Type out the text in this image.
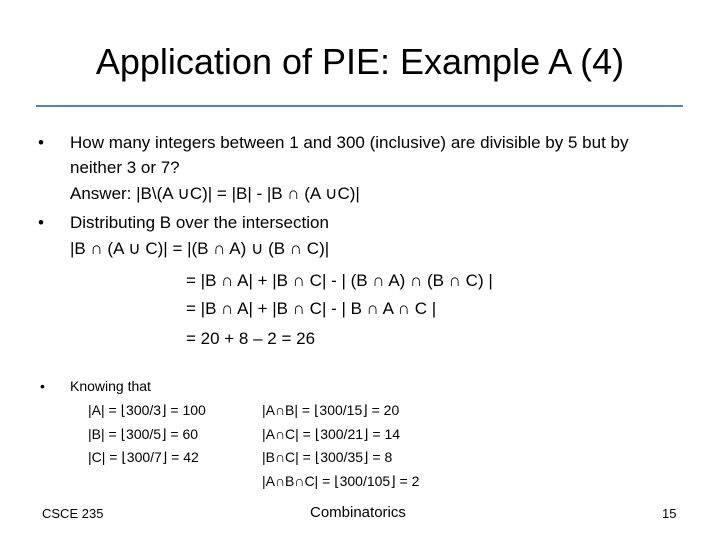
Application of PIE: Example A (4)
• How many integers between 1 and 300 (inclusive) are divisible by 5 but by
neither 3 or 7?
Answer: |B\(A ∪C)| = |B| - |B ∩ (A ∪C)|
• Distributing B over the intersection
|B ∩ (A ∪ C)| = |(B ∩ A) ∪ (B ∩ C)|
= |B ∩ A| + |B ∩ C| - | (B ∩ A) ∩ (B ∩ C) |
= |B ∩ A| + |B ∩ C| - | B ∩ A ∩ C |
= 20 + 8 – 2 = 26
• Knowing that
|A| = ⌊300/3⌋ = 100
|B| = ⌊300/5⌋ = 60
|C| = ⌊300/7⌋ = 42
|A∩B| = ⌊300/15⌋ = 20
|A∩C| = ⌊300/21⌋ = 14
|B∩C| = ⌊300/35⌋ = 8
|A∩B∩C| = ⌊300/105⌋ = 2
CSCE 235	Combinatorics	15
